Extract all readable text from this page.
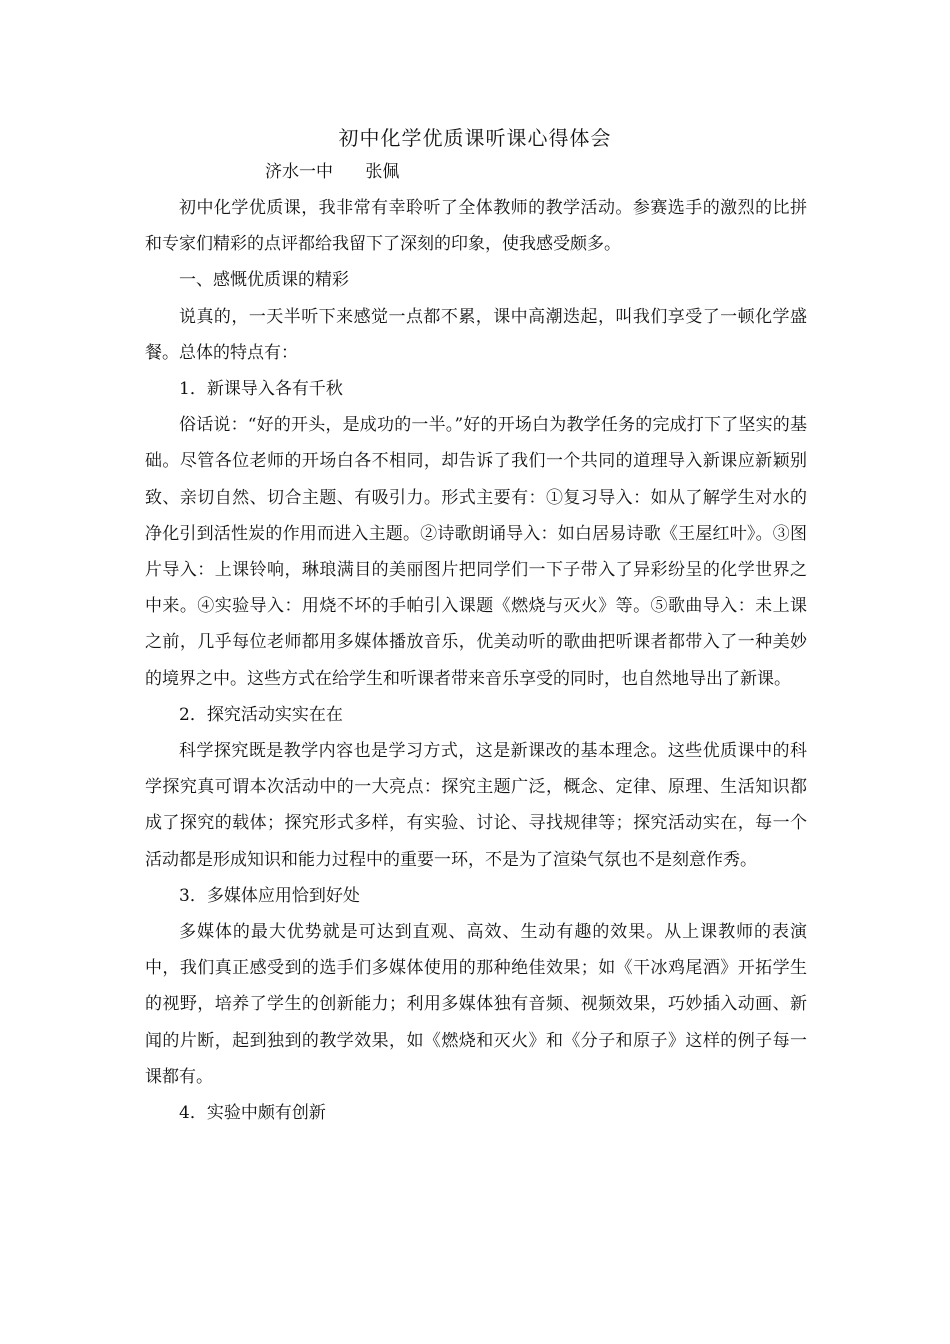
初中化学优质课听课心得体会
济水一中      张佩

初中化学优质课，我非常有幸聆听了全体教师的教学活动。参赛选手的激烈的比拼和专家们精彩的点评都给我留下了深刻的印象，使我感受颇多。

一、感慨优质课的精彩

说真的，一天半听下来感觉一点都不累，课中高潮迭起，叫我们享受了一顿化学盛餐。总体的特点有：

1．新课导入各有千秋

俗话说：“好的开头，是成功的一半。”好的开场白为教学任务的完成打下了坚实的基础。尽管各位老师的开场白各不相同，却告诉了我们一个共同的道理导入新课应新颖别致、亲切自然、切合主题、有吸引力。形式主要有：①复习导入：如从了解学生对水的净化引到活性炭的作用而进入主题。②诗歌朗诵导入：如白居易诗歌《王屋红叶》。③图片导入：上课铃响，琳琅满目的美丽图片把同学们一下子带入了异彩纷呈的化学世界之中来。④实验导入：用烧不坏的手帕引入课题《燃烧与灭火》等。⑤歌曲导入：未上课之前，几乎每位老师都用多媒体播放音乐，优美动听的歌曲把听课者都带入了一种美妙的境界之中。这些方式在给学生和听课者带来音乐享受的同时，也自然地导出了新课。

2．探究活动实实在在

科学探究既是教学内容也是学习方式，这是新课改的基本理念。这些优质课中的科学探究真可谓本次活动中的一大亮点：探究主题广泛，概念、定律、原理、生活知识都成了探究的载体；探究形式多样，有实验、讨论、寻找规律等；探究活动实在，每一个活动都是形成知识和能力过程中的重要一环，不是为了渲染气氛也不是刻意作秀。

3．多媒体应用恰到好处

多媒体的最大优势就是可达到直观、高效、生动有趣的效果。从上课教师的表演中，我们真正感受到的选手们多媒体使用的那种绝佳效果；如《干冰鸡尾酒》开拓学生的视野，培养了学生的创新能力；利用多媒体独有音频、视频效果，巧妙插入动画、新闻的片断，起到独到的教学效果，如《燃烧和灭火》和《分子和原子》这样的例子每一课都有。

4．实验中颇有创新
